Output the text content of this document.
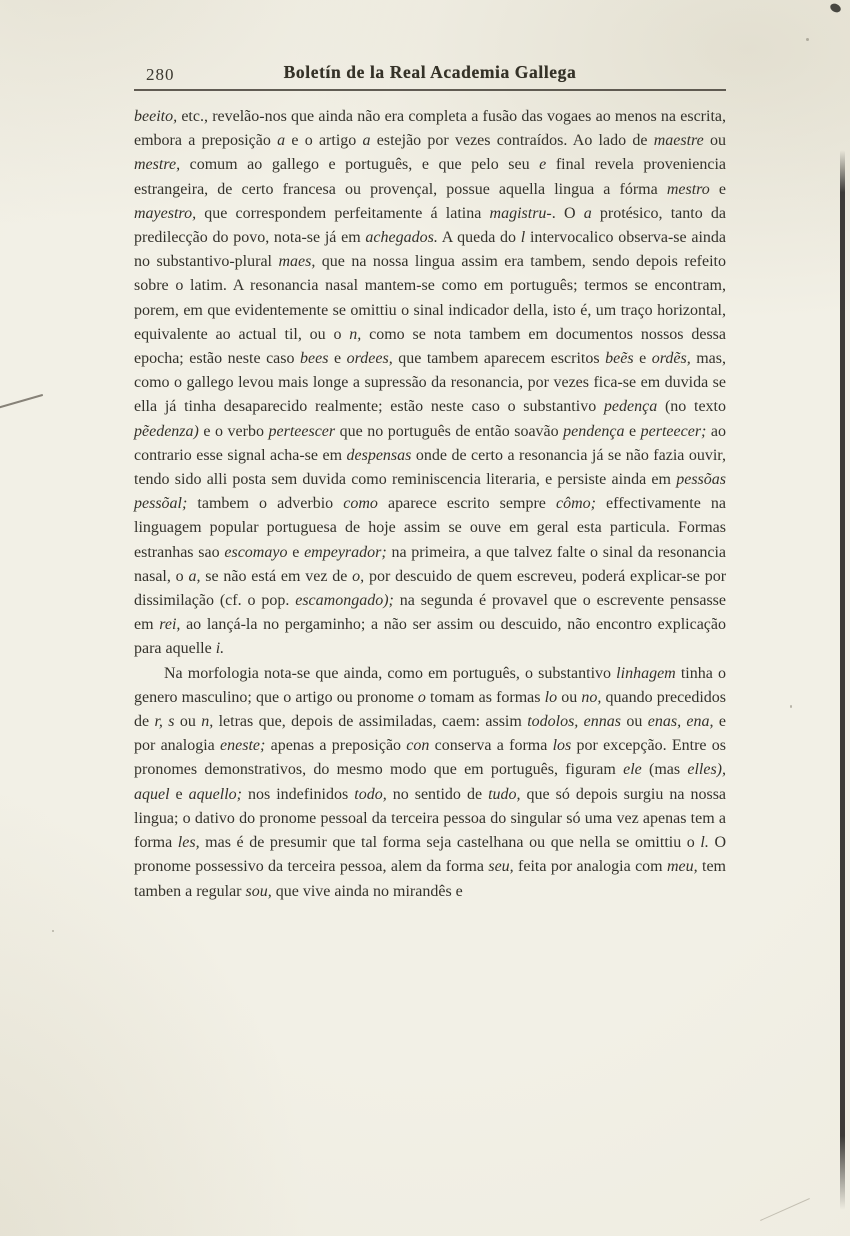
280	Boletín de la Real Academia Gallega

beeito, etc., revelão-nos que ainda não era completa a fusão das vogaes ao menos na escrita, embora a preposição a e o artigo a estejão por vezes contraídos. Ao lado de maestre ou mestre, comum ao gallego e português, e que pelo seu e final revela proveniencia estrangeira, de certo francesa ou provençal, possue aquella lingua a fórma mestro e mayestro, que correspondem perfeitamente á latina magistru-. O a protésico, tanto da predilecção do povo, nota-se já em achegados. A queda do l intervocalico observa-se ainda no substantivo-plural maes, que na nossa lingua assim era tambem, sendo depois refeito sobre o latim. A resonancia nasal mantem-se como em português; termos se encontram, porem, em que evidentemente se omittiu o sinal indicador della, isto é, um traço horizontal, equivalente ao actual til, ou o n, como se nota tambem em documentos nossos dessa epocha; estão neste caso bees e ordees, que tambem aparecem escritos beẽs e ordẽs, mas, como o gallego levou mais longe a supressão da resonancia, por vezes fica-se em duvida se ella já tinha desaparecido realmente; estão neste caso o substantivo pedença (no texto pẽedenza) e o verbo perteescer que no português de então soavão pendença e perteecer; ao contrario esse signal acha-se em despensas onde de certo a resonancia já se não fazia ouvir, tendo sido alli posta sem duvida como reminiscencia literaria, e persiste ainda em pessõas pessõal; tambem o adverbio como aparece escrito sempre cômo; effectivamente na linguagem popular portuguesa de hoje assim se ouve em geral esta particula. Formas estranhas sao escomayo e empeyrador; na primeira, a que talvez falte o sinal da resonancia nasal, o a, se não está em vez de o, por descuido de quem escreveu, poderá explicar-se por dissimilação (cf. o pop. escamongado); na segunda é provavel que o escrevente pensasse em rei, ao lançá-la no pergaminho; a não ser assim ou descuido, não encontro explicação para aquelle i.

Na morfologia nota-se que ainda, como em português, o substantivo linhagem tinha o genero masculino; que o artigo ou pronome o tomam as formas lo ou no, quando precedidos de r, s ou n, letras que, depois de assimiladas, caem: assim todolos, ennas ou enas, ena, e por analogia eneste; apenas a preposição con conserva a forma los por excepção. Entre os pronomes demonstrativos, do mesmo modo que em português, figuram ele (mas elles), aquel e aquello; nos indefinidos todo, no sentido de tudo, que só depois surgiu na nossa lingua; o dativo do pronome pessoal da terceira pessoa do singular só uma vez apenas tem a forma les, mas é de presumir que tal forma seja castelhana ou que nella se omittiu o l. O pronome possessivo da terceira pessoa, alem da forma seu, feita por analogia com meu, tem tamben a regular sou, que vive ainda no mirandês e
